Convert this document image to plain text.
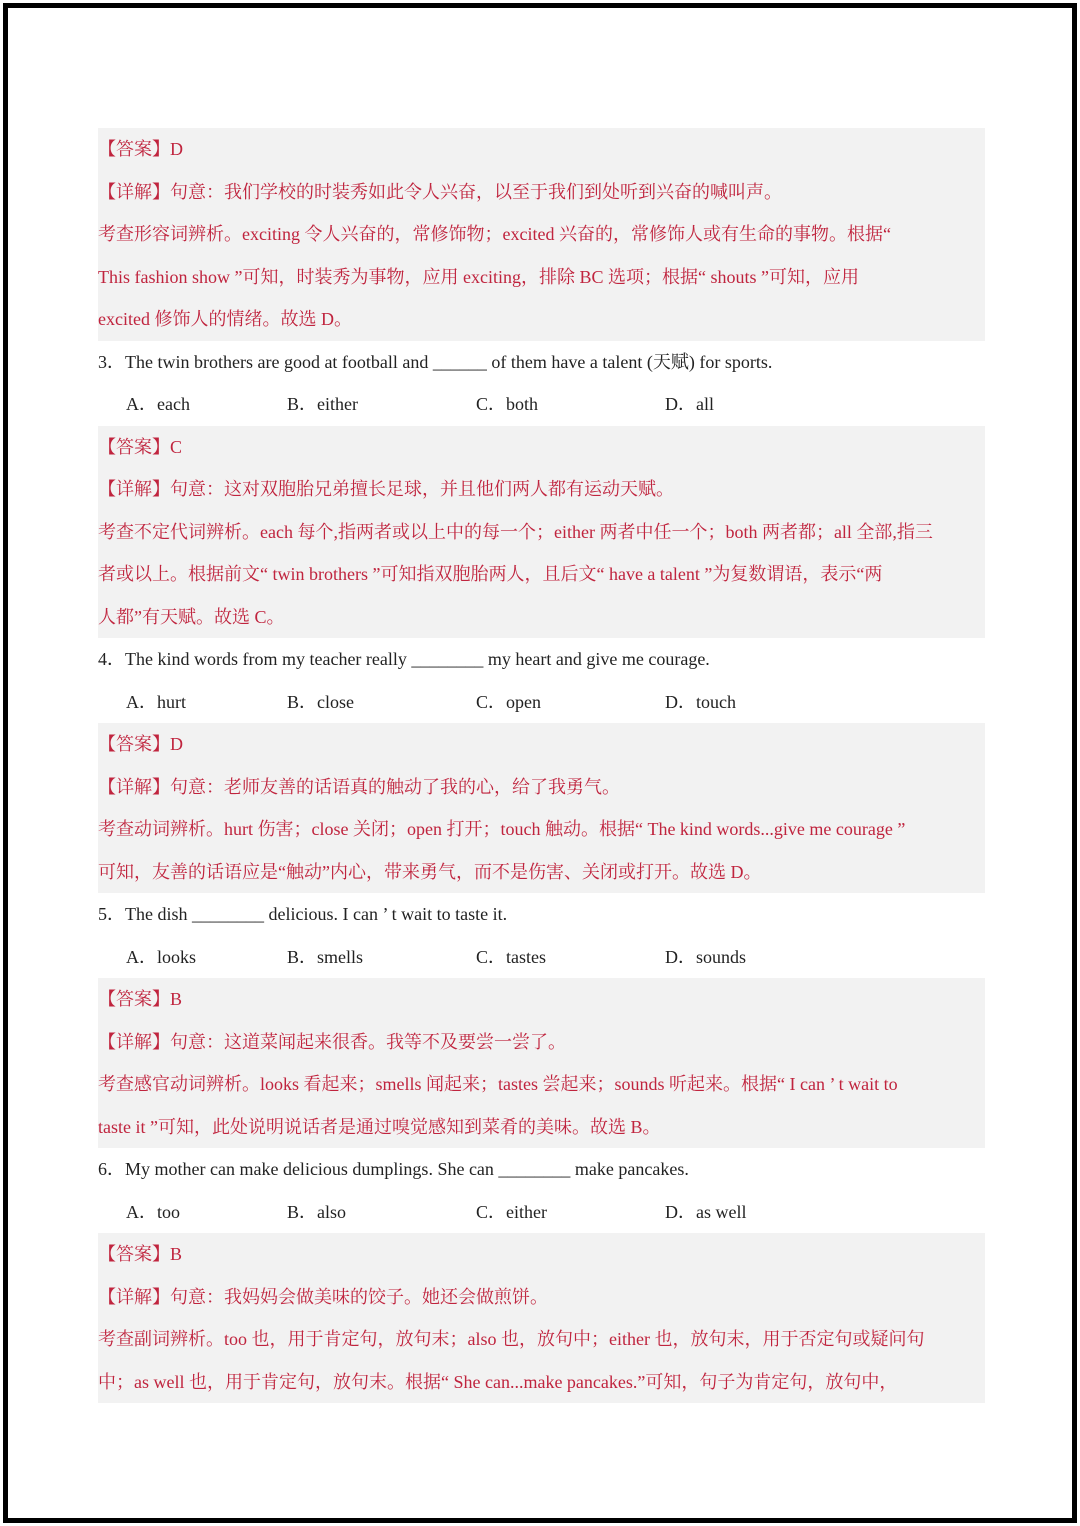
【答案】D
【详解】句意：我们学校的时装秀如此令人兴奋，以至于我们到处听到兴奋的喊叫声。
考查形容词辨析。exciting 令人兴奋的，常修饰物；excited 兴奋的，常修饰人或有生命的事物。根据“
This fashion show ”可知，时装秀为事物，应用 exciting，排除 BC 选项；根据“ shouts ”可知，应用
excited 修饰人的情绪。故选 D。
3．The twin brothers are good at football and ______ of them have a talent (天赋) for sports.
A．each	B．either	C．both	D．all
【答案】C
【详解】句意：这对双胞胎兄弟擅长足球，并且他们两人都有运动天赋。
考查不定代词辨析。each 每个,指两者或以上中的每一个；either 两者中任一个；both 两者都；all 全部,指三
者或以上。根据前文“ twin brothers ”可知指双胞胎两人，且后文“ have a talent ”为复数谓语，表示“两
人都”有天赋。故选 C。
4．The kind words from my teacher really ________ my heart and give me courage.
A．hurt	B．close	C．open	D．touch
【答案】D
【详解】句意：老师友善的话语真的触动了我的心，给了我勇气。
考查动词辨析。hurt 伤害；close 关闭；open 打开；touch 触动。根据“ The kind words...give me courage ”
可知，友善的话语应是“触动”内心，带来勇气，而不是伤害、关闭或打开。故选 D。
5．The dish ________ delicious. I can ’ t wait to taste it.
A．looks	B．smells	C．tastes	D．sounds
【答案】B
【详解】句意：这道菜闻起来很香。我等不及要尝一尝了。
考查感官动词辨析。looks 看起来；smells 闻起来；tastes 尝起来；sounds 听起来。根据“ I can ’ t wait to
taste it ”可知，此处说明说话者是通过嗅觉感知到菜肴的美味。故选 B。
6．My mother can make delicious dumplings. She can ________ make pancakes.
A．too	B．also	C．either	D．as well
【答案】B
【详解】句意：我妈妈会做美味的饺子。她还会做煎饼。
考查副词辨析。too 也，用于肯定句，放句末；also 也，放句中；either 也，放句末，用于否定句或疑问句
中；as well 也，用于肯定句，放句末。根据“ She can...make pancakes.”可知，句子为肯定句，放句中，
